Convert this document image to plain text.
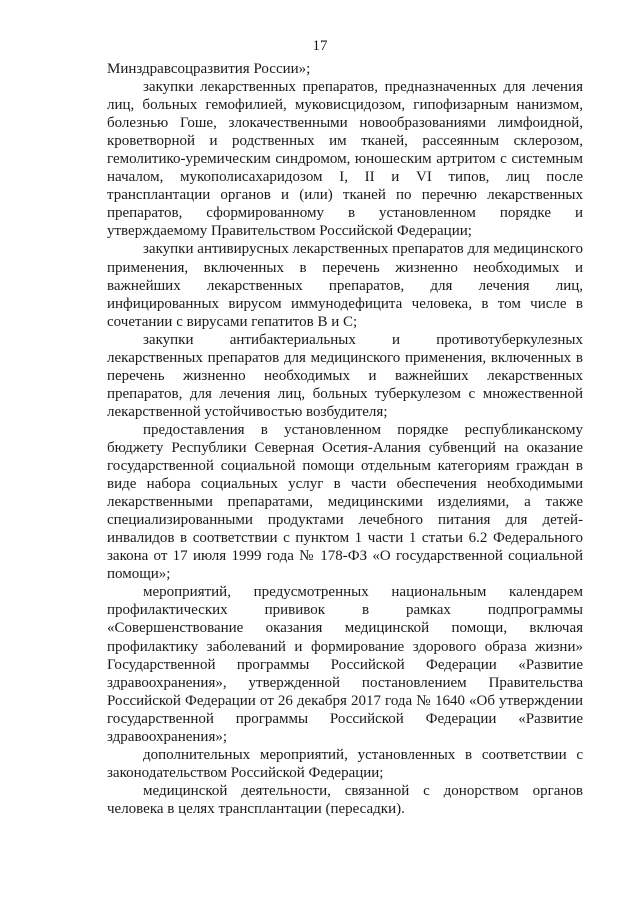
17

Минздравсоцразвития России»;

закупки лекарственных препаратов, предназначенных для лечения лиц, больных гемофилией, муковисцидозом, гипофизарным нанизмом, болезнью Гоше, злокачественными новообразованиями лимфоидной, кроветворной и родственных им тканей, рассеянным склерозом, гемолитико-уремическим синдромом, юношеским артритом с системным началом, мукополисахаридозом I, II и VI типов, лиц после трансплантации органов и (или) тканей по перечню лекарственных препаратов, сформированному в установленном порядке и утверждаемому Правительством Российской Федерации;

закупки антивирусных лекарственных препаратов для медицинского применения, включенных в перечень жизненно необходимых и важнейших лекарственных препаратов, для лечения лиц, инфицированных вирусом иммунодефицита человека, в том числе в сочетании с вирусами гепатитов B и C;

закупки антибактериальных и противотуберкулезных лекарственных препаратов для медицинского применения, включенных в перечень жизненно необходимых и важнейших лекарственных препаратов, для лечения лиц, больных туберкулезом с множественной лекарственной устойчивостью возбудителя;

предоставления в установленном порядке республиканскому бюджету Республики Северная Осетия-Алания субвенций на оказание государственной социальной помощи отдельным категориям граждан в виде набора социальных услуг в части обеспечения необходимыми лекарственными препаратами, медицинскими изделиями, а также специализированными продуктами лечебного питания для детей-инвалидов в соответствии с пунктом 1 части 1 статьи 6.2 Федерального закона от 17 июля 1999 года № 178-ФЗ «О государственной социальной помощи»;

мероприятий, предусмотренных национальным календарем профилактических прививок в рамках подпрограммы «Совершенствование оказания медицинской помощи, включая профилактику заболеваний и формирование здорового образа жизни» Государственной программы Российской Федерации «Развитие здравоохранения», утвержденной постановлением Правительства Российской Федерации от 26 декабря 2017 года № 1640 «Об утверждении государственной программы Российской Федерации «Развитие здравоохранения»;

дополнительных мероприятий, установленных в соответствии с законодательством Российской Федерации;

медицинской деятельности, связанной с донорством органов человека в целях трансплантации (пересадки).
